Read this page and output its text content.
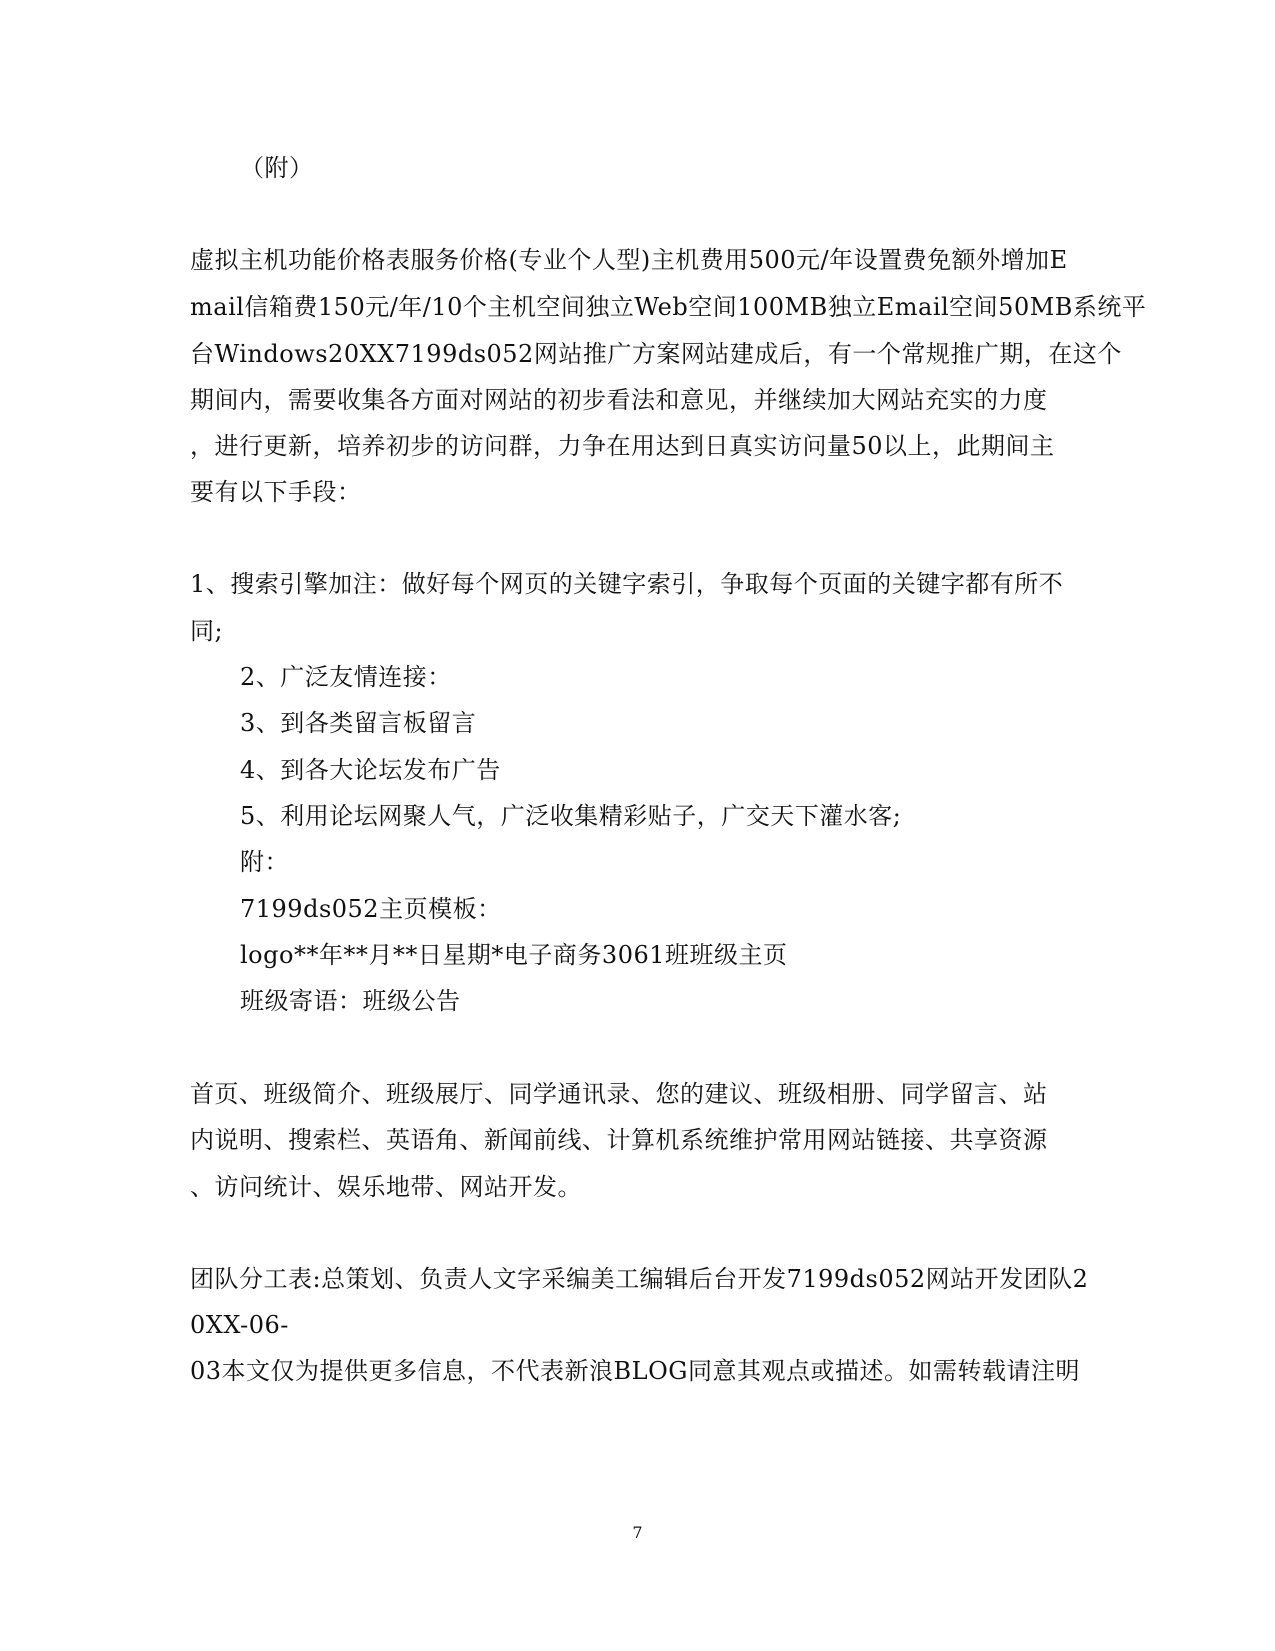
（附）
虚拟主机功能价格表服务价格(专业个人型)主机费用500元/年设置费免额外增加E
mail信箱费150元/年/10个主机空间独立Web空间100MB独立Email空间50MB系统平
台Windows20XX7199ds052网站推广方案网站建成后，有一个常规推广期，在这个
期间内，需要收集各方面对网站的初步看法和意见，并继续加大网站充实的力度
，进行更新，培养初步的访问群，力争在用达到日真实访问量50以上，此期间主
要有以下手段：
1、搜索引擎加注：做好每个网页的关键字索引，争取每个页面的关键字都有所不
同;
2、广泛友情连接：
3、到各类留言板留言
4、到各大论坛发布广告
5、利用论坛网聚人气，广泛收集精彩贴子，广交天下灌水客;
附：
7199ds052主页模板：
logo**年**月**日星期*电子商务3061班班级主页
班级寄语：班级公告
首页、班级简介、班级展厅、同学通讯录、您的建议、班级相册、同学留言、站
内说明、搜索栏、英语角、新闻前线、计算机系统维护常用网站链接、共享资源
、访问统计、娱乐地带、网站开发。
团队分工表:总策划、负责人文字采编美工编辑后台开发7199ds052网站开发团队2
0XX-06-
03本文仅为提供更多信息，不代表新浪BLOG同意其观点或描述。如需转载请注明
7
